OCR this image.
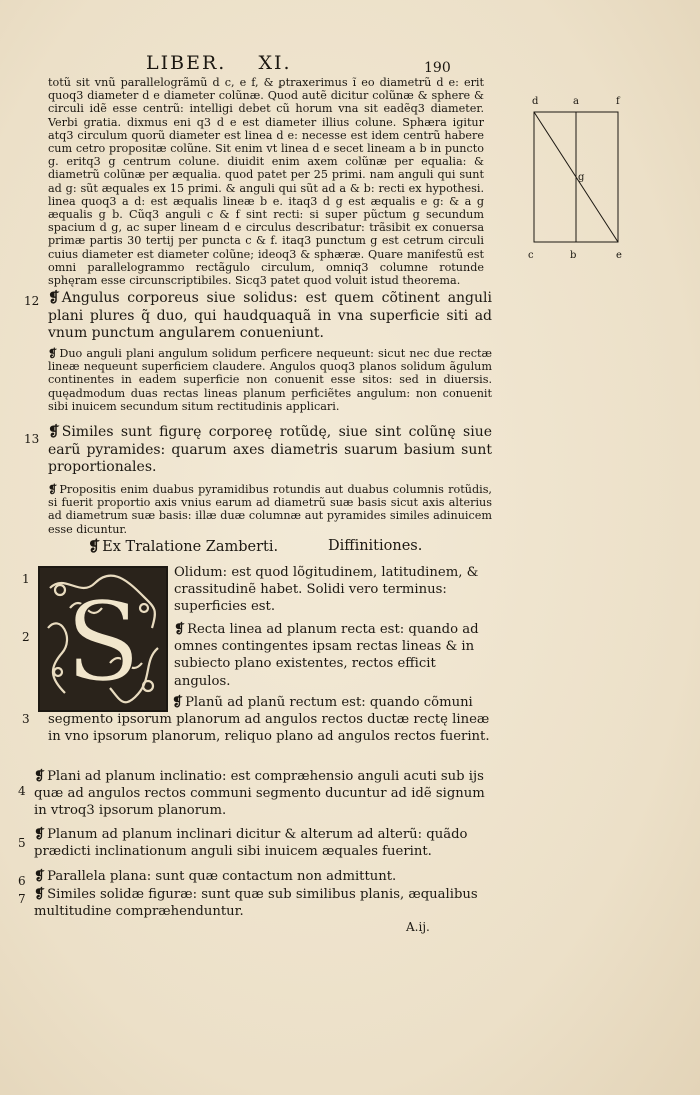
LIBER. XI.	190
d	a	f
g
c	b	e
totũ sit vnũ parallelogrãmũ d c, e f, & ꝑtraxerimus ĩ eo diametrũ d e: erit quoq3 diameter d e diameter colũnæ. Quod autẽ dicitur colũnæ & sphere & circuli idẽ esse centrũ: intelligi debet cũ horum vna sit eadẽq3 diameter. Verbi gratia. dixmus eni q3 d e est diameter illius colune. Sphæra igitur atq3 circulum quorũ diameter est linea d e: necesse est idem centrũ habere cum cetro propositæ colũne. Sit enim vt linea d e secet lineam a b in puncto g. eritq3 g centrum colune. diuidit enim axem colũnæ per equalia: & diametrũ colũnæ per æqualia. quod patet per 25 primi. nam anguli qui sunt ad g: sũt æquales ex 15 primi. & anguli qui sũt ad a & b: recti ex hypothesi. linea quoq3 a d: est æqualis lineæ b e. itaq3 d g est æqualis e g: & a g æqualis g b. Cũq3 anguli c & f sint recti: si super pũctum g secundum spacium d g, ac super lineam d e circulus describatur: trãsibit ex conuersa primæ partis 30 tertij per puncta c & f. itaq3 punctum g est cetrum circuli cuius diameter est diameter colũne; ideoq3 & sphæræ. Quare manifestũ est omni parallelogrammo rectãgulo circulum, omniq3 columne rotunde sphęram esse circunscriptibiles. Sicq3 patet quod voluit istud theorema.
12 ❡ Angulus corporeus siue solidus: est quem cõtinent anguli plani plures q̃ duo, qui haudquaquã in vna superficie siti ad vnum punctum angularem conueniunt.
❡ Duo anguli plani angulum solidum perficere nequeunt: sicut nec due rectæ lineæ nequeunt superficiem claudere. Angulos quoq3 planos solidum ãgulum continentes in eadem superficie non conuenit esse sitos: sed in diuersis. quęadmodum duas rectas lineas planum perficiẽtes angulum: non conuenit sibi inuicem secundum situm rectitudinis applicari.
13 ❡ Similes sunt figurę corporeę rotũdę, siue sint colũnę siue earũ pyramides: quarum axes diametris suarum basium sunt proportionales.
❡ Propositis enim duabus pyramidibus rotundis aut duabus columnis rotũdis, si fuerit proportio axis vnius earum ad diametrũ suæ basis sicut axis alterius ad diametrum suæ basis: illæ duæ columnæ aut pyramides similes adinuicem esse dicuntur.
❡ Ex Tralatione Zamberti.	Diffinitiones.
S
1	Olidum: est quod lõgitudinem, latitudinem, & crassitudinẽ habet. Solidi vero terminus: superficies est.
2	❡ Recta linea ad planum recta est: quando ad omnes contingentes ipsam rectas lineas & in subiecto plano existentes, rectos efficit angulos.
3
❡ Planũ ad planũ rectum est: quando cõmuni segmento ipsorum planorum ad angulos rectos ductæ rectę lineæ in vno ipsorum planorum, reliquo plano ad angulos rectos fuerint.
4
❡ Plani ad planum inclinatio: est compræhensio anguli acuti sub ijs quæ ad angulos rectos communi segmento ducuntur ad idẽ signum in vtroq3 ipsorum planorum.
5
❡ Planum ad planum inclinari dicitur & alterum ad alterũ: quãdo prædicti inclinationum anguli sibi inuicem æquales fuerint.
6 ❡ Parallela plana: sunt quæ contactum non admittunt.
7 ❡ Similes solidæ figuræ: sunt quæ sub similibus planis, æqualibus multitudine compræhenduntur.
A.ij.
